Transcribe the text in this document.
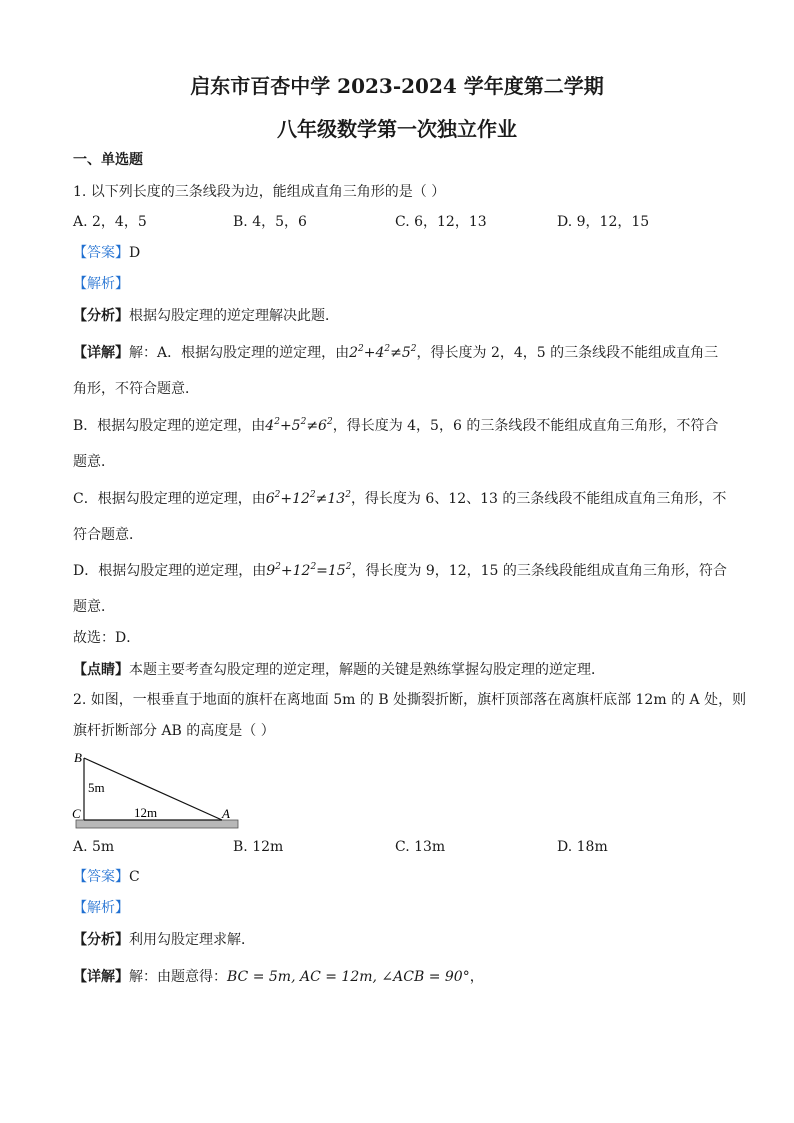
启东市百杏中学 2023-2024 学年度第二学期
八年级数学第一次独立作业
一、单选题
1. 以下列长度的三条线段为边，能组成直角三角形的是（ ）
A. 2，4，5	B. 4，5，6	C. 6，12，13	D. 9，12，15
【答案】D
【解析】
【分析】根据勾股定理的逆定理解决此题．
【详解】解：A．根据勾股定理的逆定理，由$2^2+4^2\ne 5^2$，得长度为 2，4，5 的三条线段不能组成直角三
角形，不符合题意．
B．根据勾股定理的逆定理，由$4^2+5^2\ne 6^2$，得长度为 4，5，6 的三条线段不能组成直角三角形，不符合
题意．
C．根据勾股定理的逆定理，由$6^2+12^2\ne 13^2$，得长度为 6、12、13 的三条线段不能组成直角三角形，不
符合题意．
D．根据勾股定理的逆定理，由$9^2+12^2=15^2$，得长度为 9，12，15 的三条线段能组成直角三角形，符合
题意．
故选：D．
【点睛】本题主要考查勾股定理的逆定理，解题的关键是熟练掌握勾股定理的逆定理．
2. 如图，一根垂直于地面的旗杆在离地面 5m 的 B 处撕裂折断，旗杆顶部落在离旗杆底部 12m 的 A 处，则
旗杆折断部分 AB 的高度是（ ）
B
C	A
5m
12m
A. 5m	B. 12m	C. 13m	D. 18m
【答案】C
【解析】
【分析】利用勾股定理求解．
【详解】解：由题意得：BC = 5m, AC = 12m, ∠ACB = 90°，
